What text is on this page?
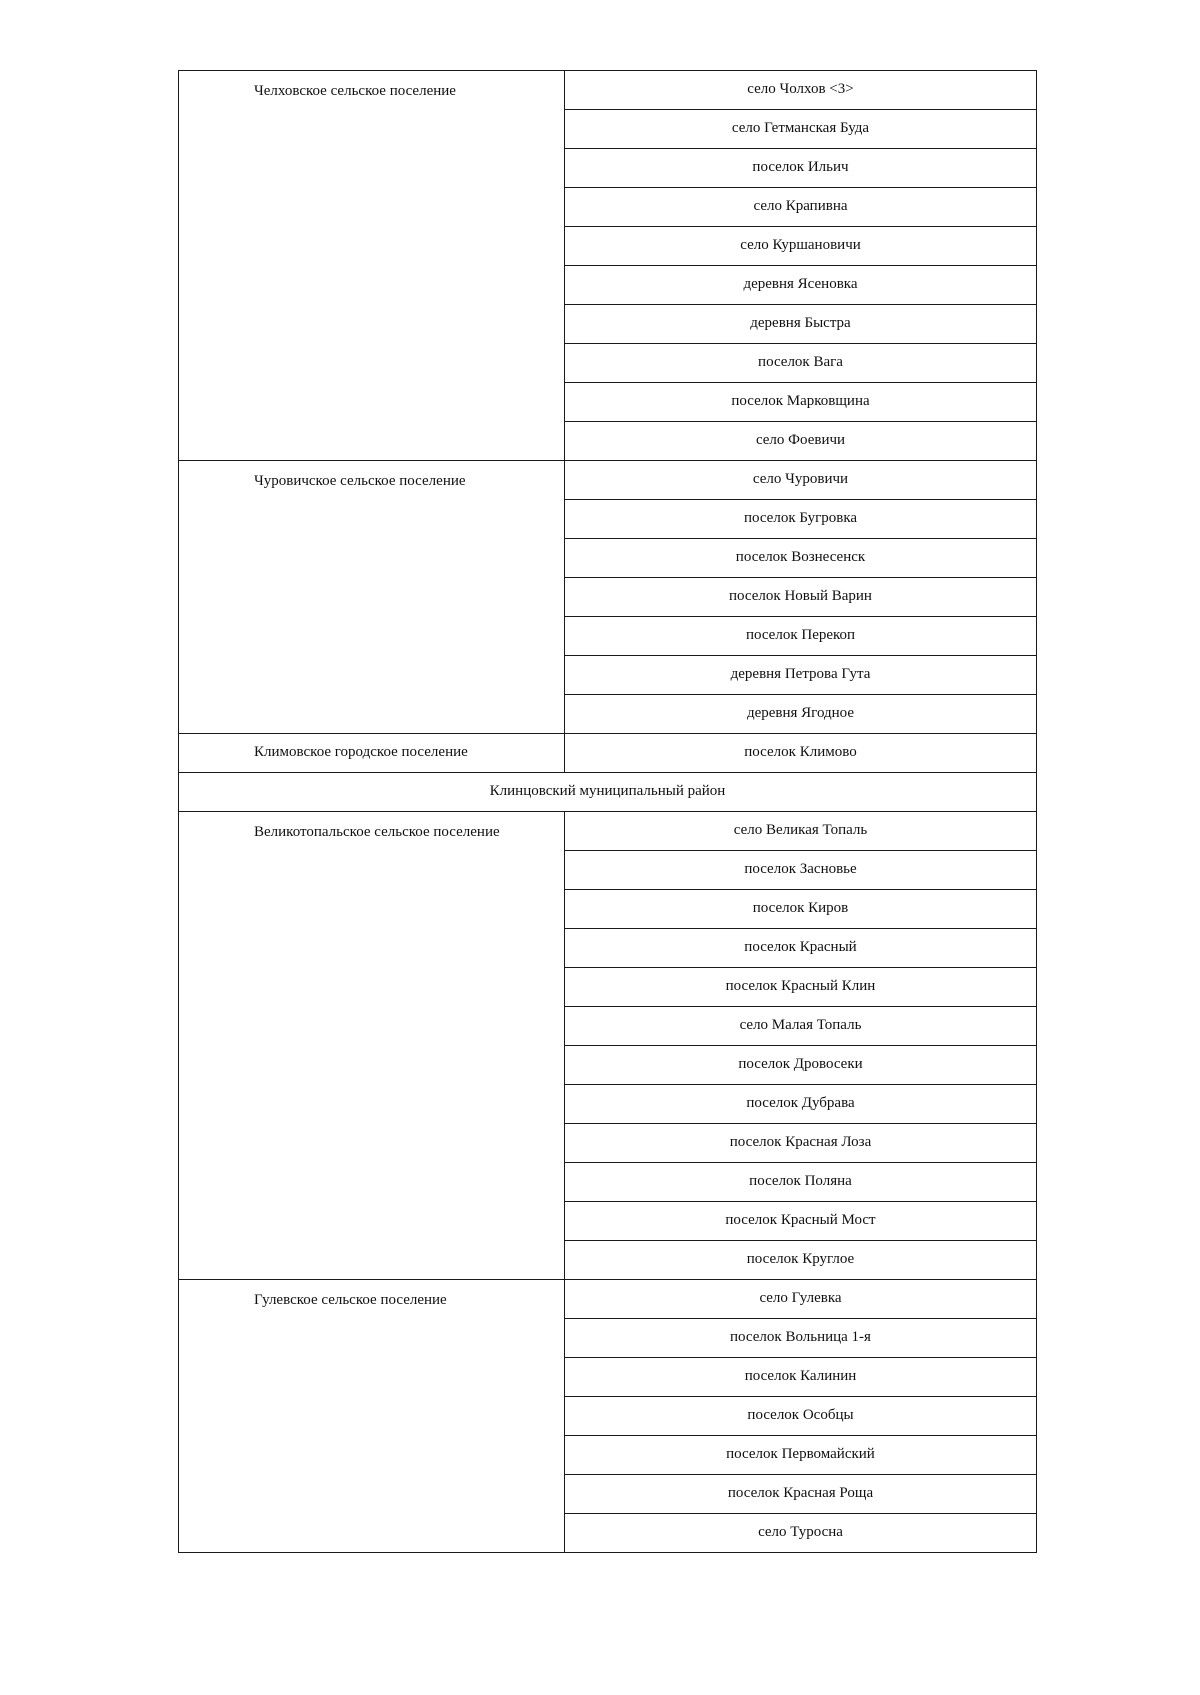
Челховское сельское поселение	село Чолхов <3>
	село Гетманская Буда
	поселок Ильич
	село Крапивна
	село Куршановичи
	деревня Ясеновка
	деревня Быстра
	поселок Вага
	поселок Марковщина
	село Фоевичи
Чуровичское сельское поселение	село Чуровичи
	поселок Бугровка
	поселок Вознесенск
	поселок Новый Варин
	поселок Перекоп
	деревня Петрова Гута
	деревня Ягодное
Климовское городское поселение	поселок Климово
Клинцовский муниципальный район	
Великотопальское сельское поселение	село Великая Топаль
	поселок Засновье
	поселок Киров
	поселок Красный
	поселок Красный Клин
	село Малая Топаль
	поселок Дровосеки
	поселок Дубрава
	поселок Красная Лоза
	поселок Поляна
	поселок Красный Мост
	поселок Круглое
Гулевское сельское поселение	село Гулевка
	поселок Вольница 1-я
	поселок Калинин
	поселок Особцы
	поселок Первомайский
	поселок Красная Роща
	село Туросна
